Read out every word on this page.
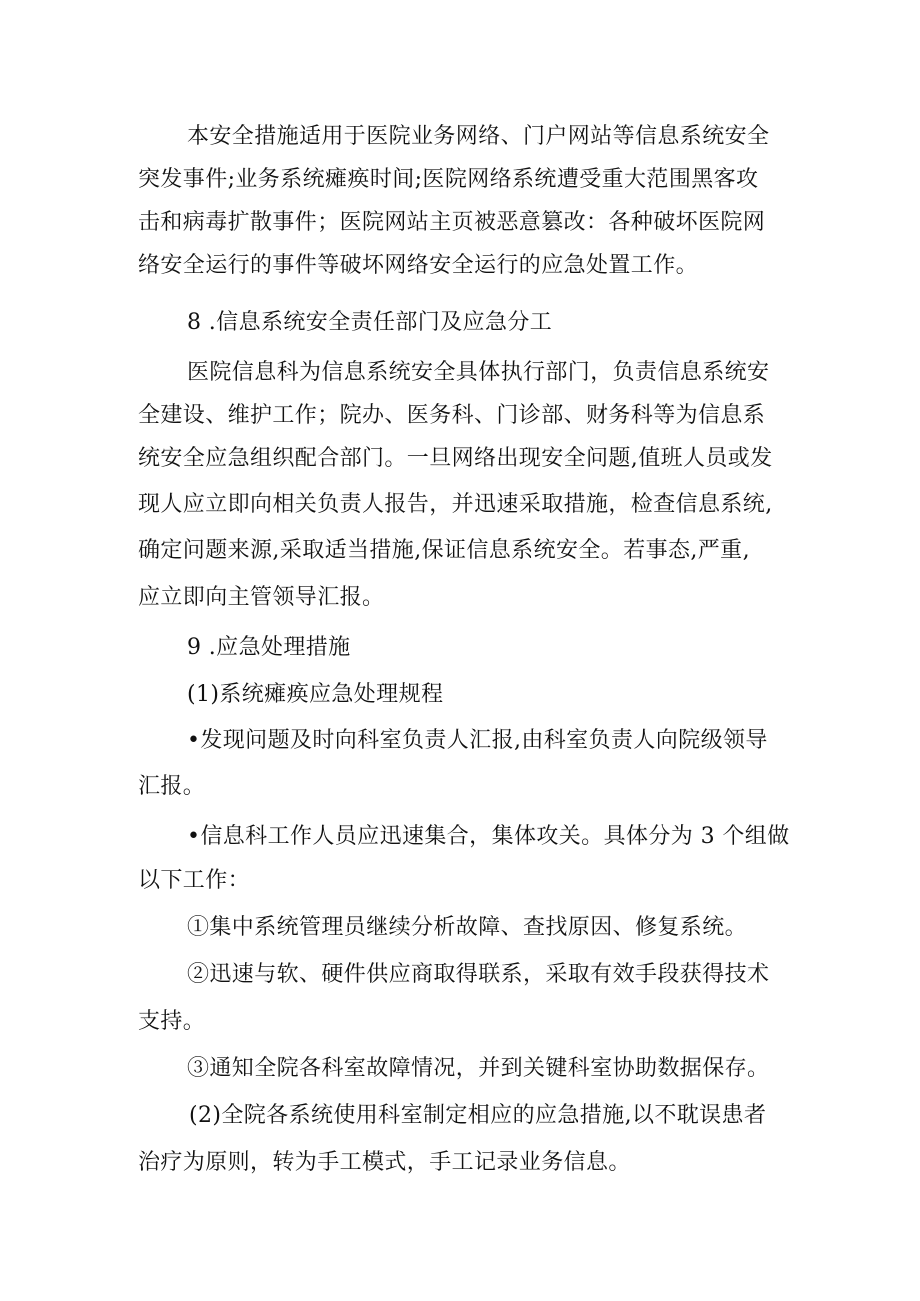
本安全措施适用于医院业务网络、门户网站等信息系统安全
突发事件;业务系统瘫痪时间;医院网络系统遭受重大范围黑客攻
击和病毒扩散事件；医院网站主页被恶意篡改：各种破坏医院网
络安全运行的事件等破坏网络安全运行的应急处置工作。
8 .信息系统安全责任部门及应急分工
医院信息科为信息系统安全具体执行部门，负责信息系统安
全建设、维护工作；院办、医务科、门诊部、财务科等为信息系
统安全应急组织配合部门。一旦网络出现安全问题,值班人员或发
现人应立即向相关负责人报告，并迅速采取措施，检查信息系统,
确定问题来源,采取适当措施,保证信息系统安全。若事态,严重,
应立即向主管领导汇报。
9 .应急处理措施
(1)系统瘫痪应急处理规程
•发现问题及时向科室负责人汇报,由科室负责人向院级领导
汇报。
•信息科工作人员应迅速集合，集体攻关。具体分为 3 个组做
以下工作：
①集中系统管理员继续分析故障、查找原因、修复系统。
②迅速与软、硬件供应商取得联系，采取有效手段获得技术
支持。
③通知全院各科室故障情况，并到关键科室协助数据保存。
(2)全院各系统使用科室制定相应的应急措施,以不耽误患者
治疗为原则，转为手工模式，手工记录业务信息。
